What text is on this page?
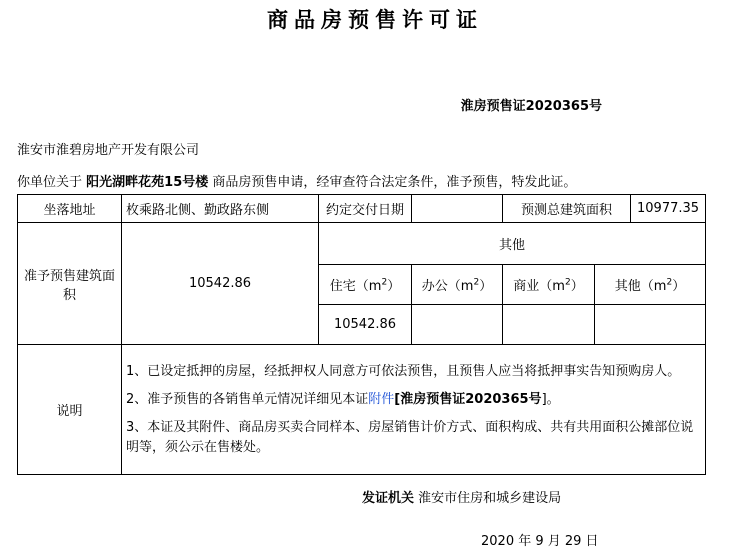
商品房预售许可证
淮房预售证2020365号
淮安市淮碧房地产开发有限公司
你单位关于 阳光湖畔花苑15号楼 商品房预售申请，经审查符合法定条件，准予预售，特发此证。
坐落地址	枚乘路北侧、勤政路东侧	约定交付日期		预测总建筑面积		10977.35
准予预售建筑面积	10542.86	其他				
		住宅$(m^2)$	办公$(m^2)$	商业$(m^2)$	其他$(m^2)$	
		10542.86				
说明	1、已设定抵押的房屋，经抵押权人同意方可依法预售，且预售人应当将抵押事实告知预购房人。

2、准予预售的各销售单元情况详细见本证附件[淮房预售证2020365号]。

3、本证及其附件、商品房买卖合同样本、房屋销售计价方式、面积构成、共有共用面积公摊部位说明等，须公示在售楼处。					

发证机关 淮安市住房和城乡建设局
2020 年 9 月 29 日
